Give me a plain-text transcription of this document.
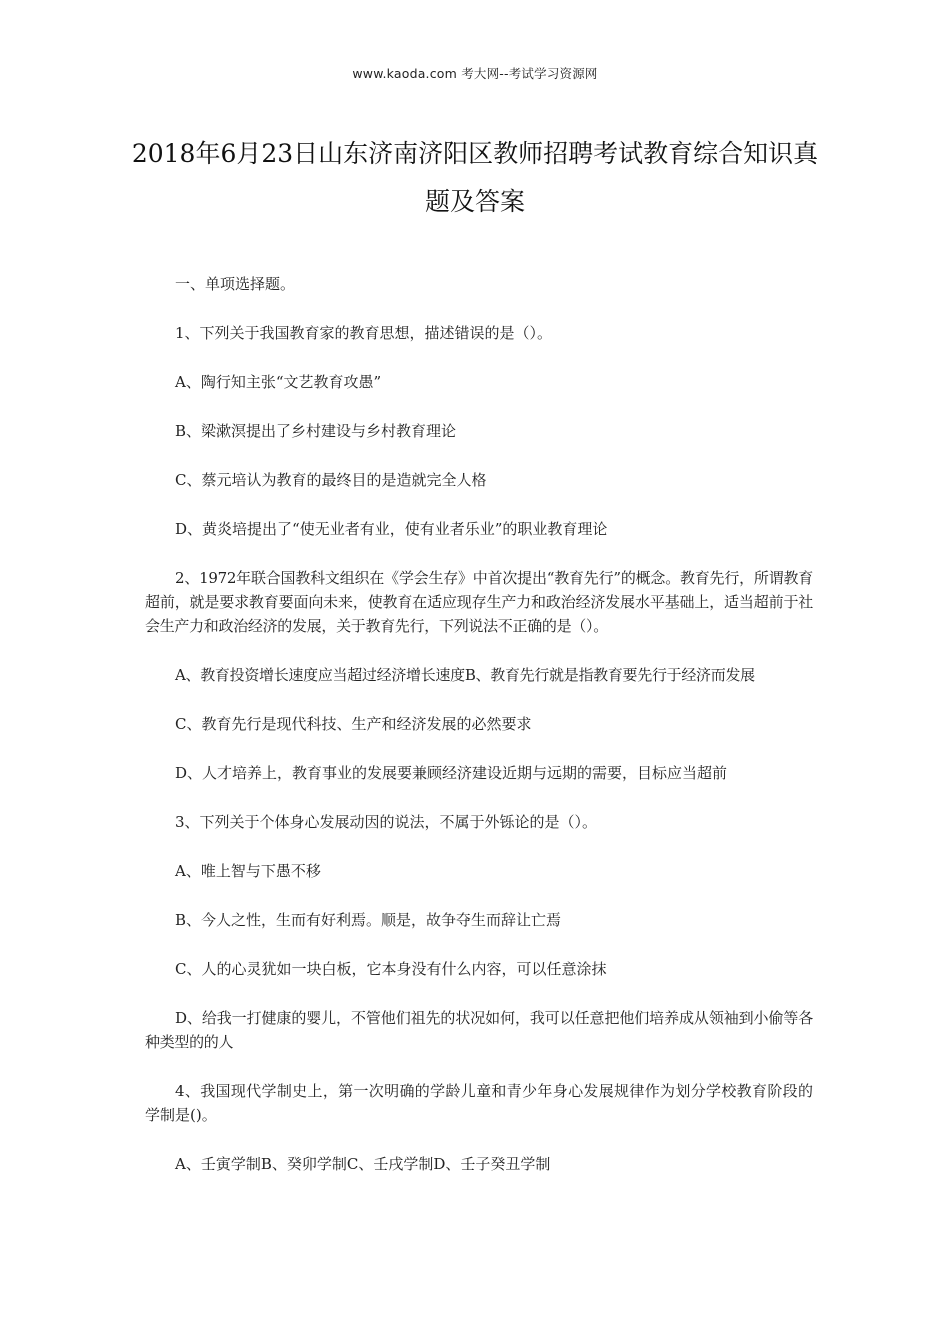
www.kaoda.com 考大网--考试学习资源网
2018年6月23日山东济南济阳区教师招聘考试教育综合知识真题及答案

一、单项选择题。

1、下列关于我国教育家的教育思想，描述错误的是（）。

A、陶行知主张“文艺教育攻愚”

B、梁漱溟提出了乡村建设与乡村教育理论

C、蔡元培认为教育的最终目的是造就完全人格

D、黄炎培提出了“使无业者有业，使有业者乐业”的职业教育理论

2、1972年联合国教科文组织在《学会生存》中首次提出“教育先行”的概念。教育先行，所谓教育超前，就是要求教育要面向未来，使教育在适应现存生产力和政治经济发展水平基础上，适当超前于社会生产力和政治经济的发展，关于教育先行，下列说法不正确的是（）。

A、教育投资增长速度应当超过经济增长速度B、教育先行就是指教育要先行于经济而发展

C、教育先行是现代科技、生产和经济发展的必然要求

D、人才培养上，教育事业的发展要兼顾经济建设近期与远期的需要，目标应当超前

3、下列关于个体身心发展动因的说法，不属于外铄论的是（）。

A、唯上智与下愚不移

B、今人之性，生而有好利焉。顺是，故争夺生而辞让亡焉

C、人的心灵犹如一块白板，它本身没有什么内容，可以任意涂抹

D、给我一打健康的婴儿，不管他们祖先的状况如何，我可以任意把他们培养成从领袖到小偷等各种类型的的人

4、我国现代学制史上，第一次明确的学龄儿童和青少年身心发展规律作为划分学校教育阶段的学制是()。

A、壬寅学制B、癸卯学制C、壬戌学制D、壬子癸丑学制
